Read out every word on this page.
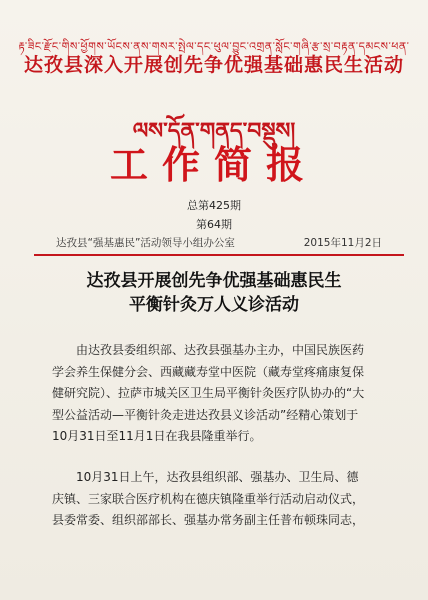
རྟ་ཟིང་རྫོང་གིས་ཕྱོགས་ཡོངས་ནས་གསར་སྤེལ་དང་ཕུལ་བྱུང་འགྲན་སློང་གཞི་རྩ་སྲ་བརྟན་དམངས་ཕན་
达孜县深入开展创先争优强基础惠民生活动
ལས་དོན་གནད་བསྡུས།
工作简报
总第425期
第64期
达孜县“强基惠民”活动领导小组办公室	2015年11月2日
达孜县开展创先争优强基础惠民生
平衡针灸万人义诊活动
由达孜县委组织部、达孜县强基办主办，中国民族医药
学会养生保健分会、西藏藏寿堂中医院（藏寿堂疼痛康复保
健研究院）、拉萨市城关区卫生局平衡针灸医疗队协办的“大
型公益活动—平衡针灸走进达孜县义诊活动”经精心策划于
10月31日至11月1日在我县隆重举行。
10月31日上午，达孜县组织部、强基办、卫生局、德
庆镇、三家联合医疗机构在德庆镇隆重举行活动启动仪式，
县委常委、组织部部长、强基办常务副主任普布顿珠同志，
